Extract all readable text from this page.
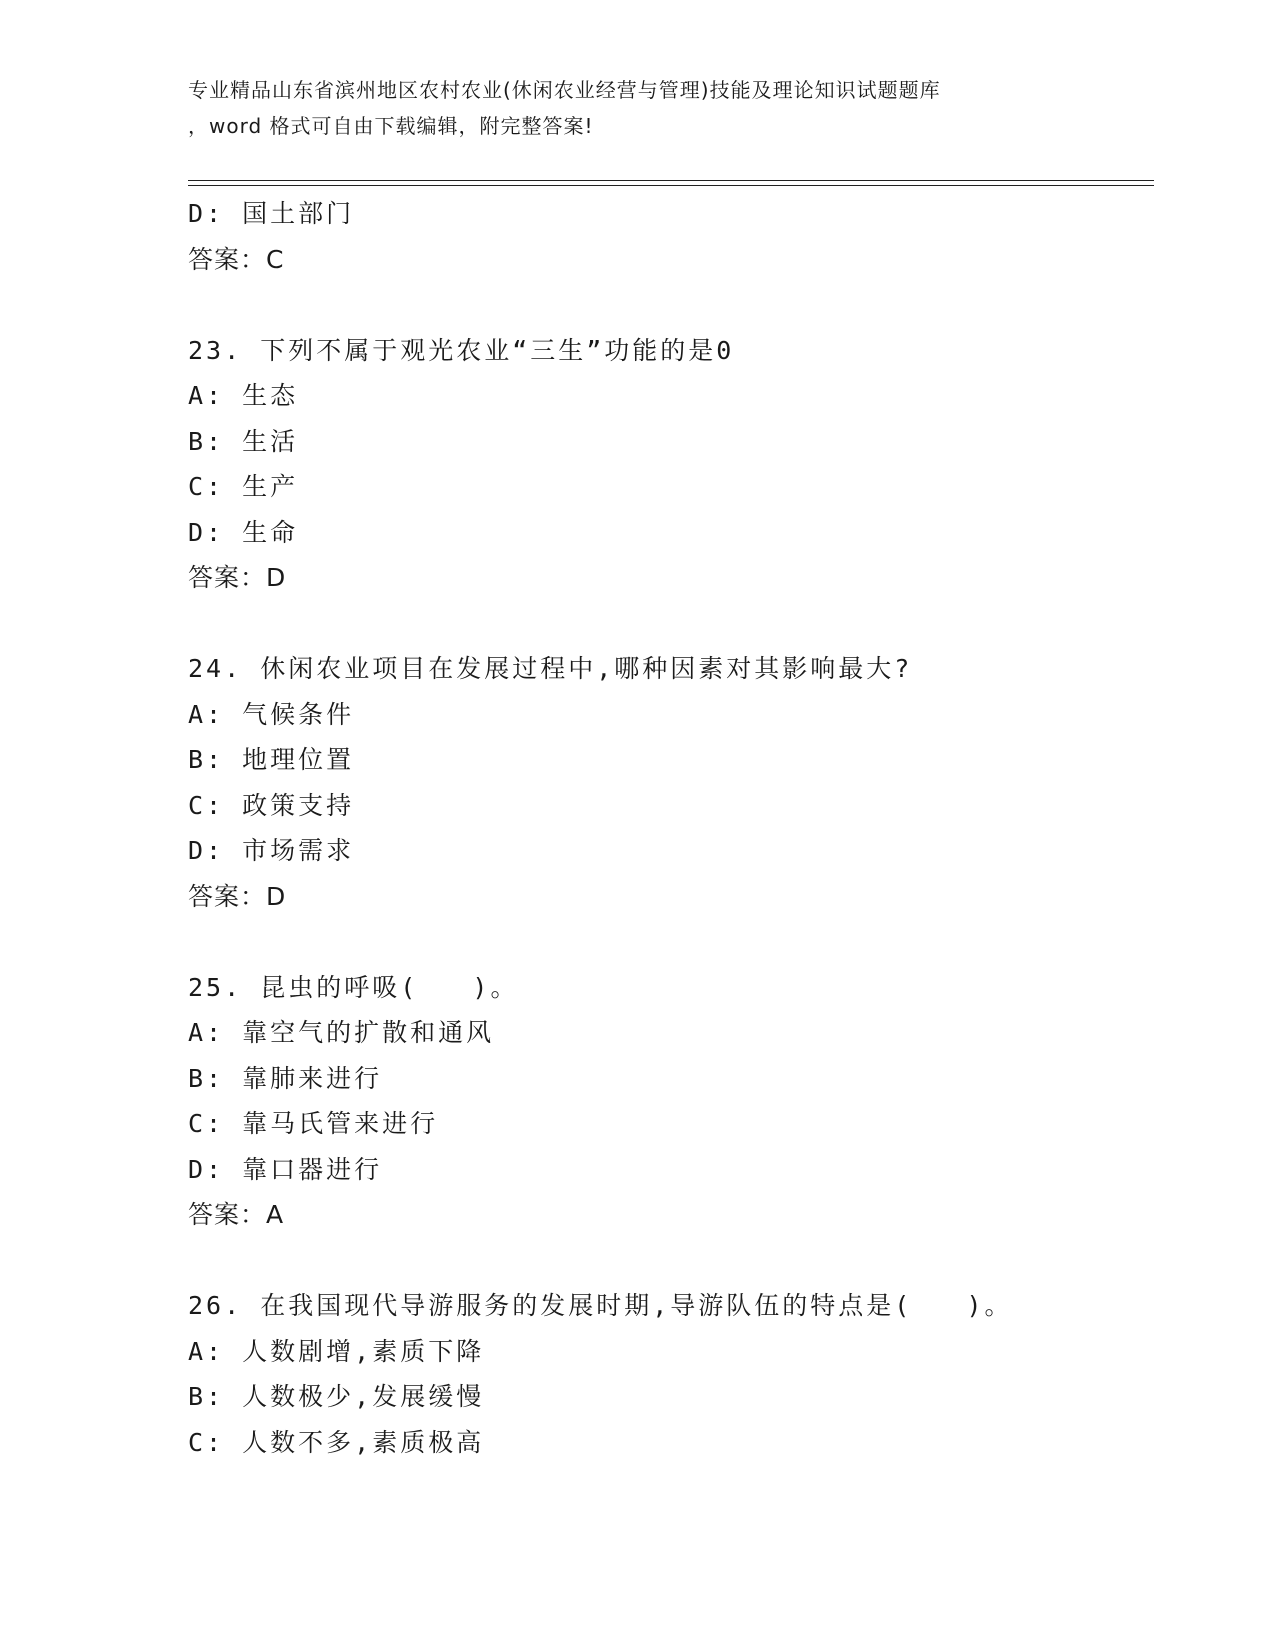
专业精品山东省滨州地区农村农业(休闲农业经营与管理)技能及理论知识试题题库
，word 格式可自由下载编辑，附完整答案!
D: 国土部门
答案：C
23. 下列不属于观光农业“三生”功能的是0
A: 生态
B: 生活
C: 生产
D: 生命
答案：D
24. 休闲农业项目在发展过程中,哪种因素对其影响最大?
A: 气候条件
B: 地理位置
C: 政策支持
D: 市场需求
答案：D
25. 昆虫的呼吸(   )。
A: 靠空气的扩散和通风
B: 靠肺来进行
C: 靠马氏管来进行
D: 靠口器进行
答案：A
26. 在我国现代导游服务的发展时期,导游队伍的特点是(   )。
A: 人数剧增,素质下降
B: 人数极少,发展缓慢
C: 人数不多,素质极高
